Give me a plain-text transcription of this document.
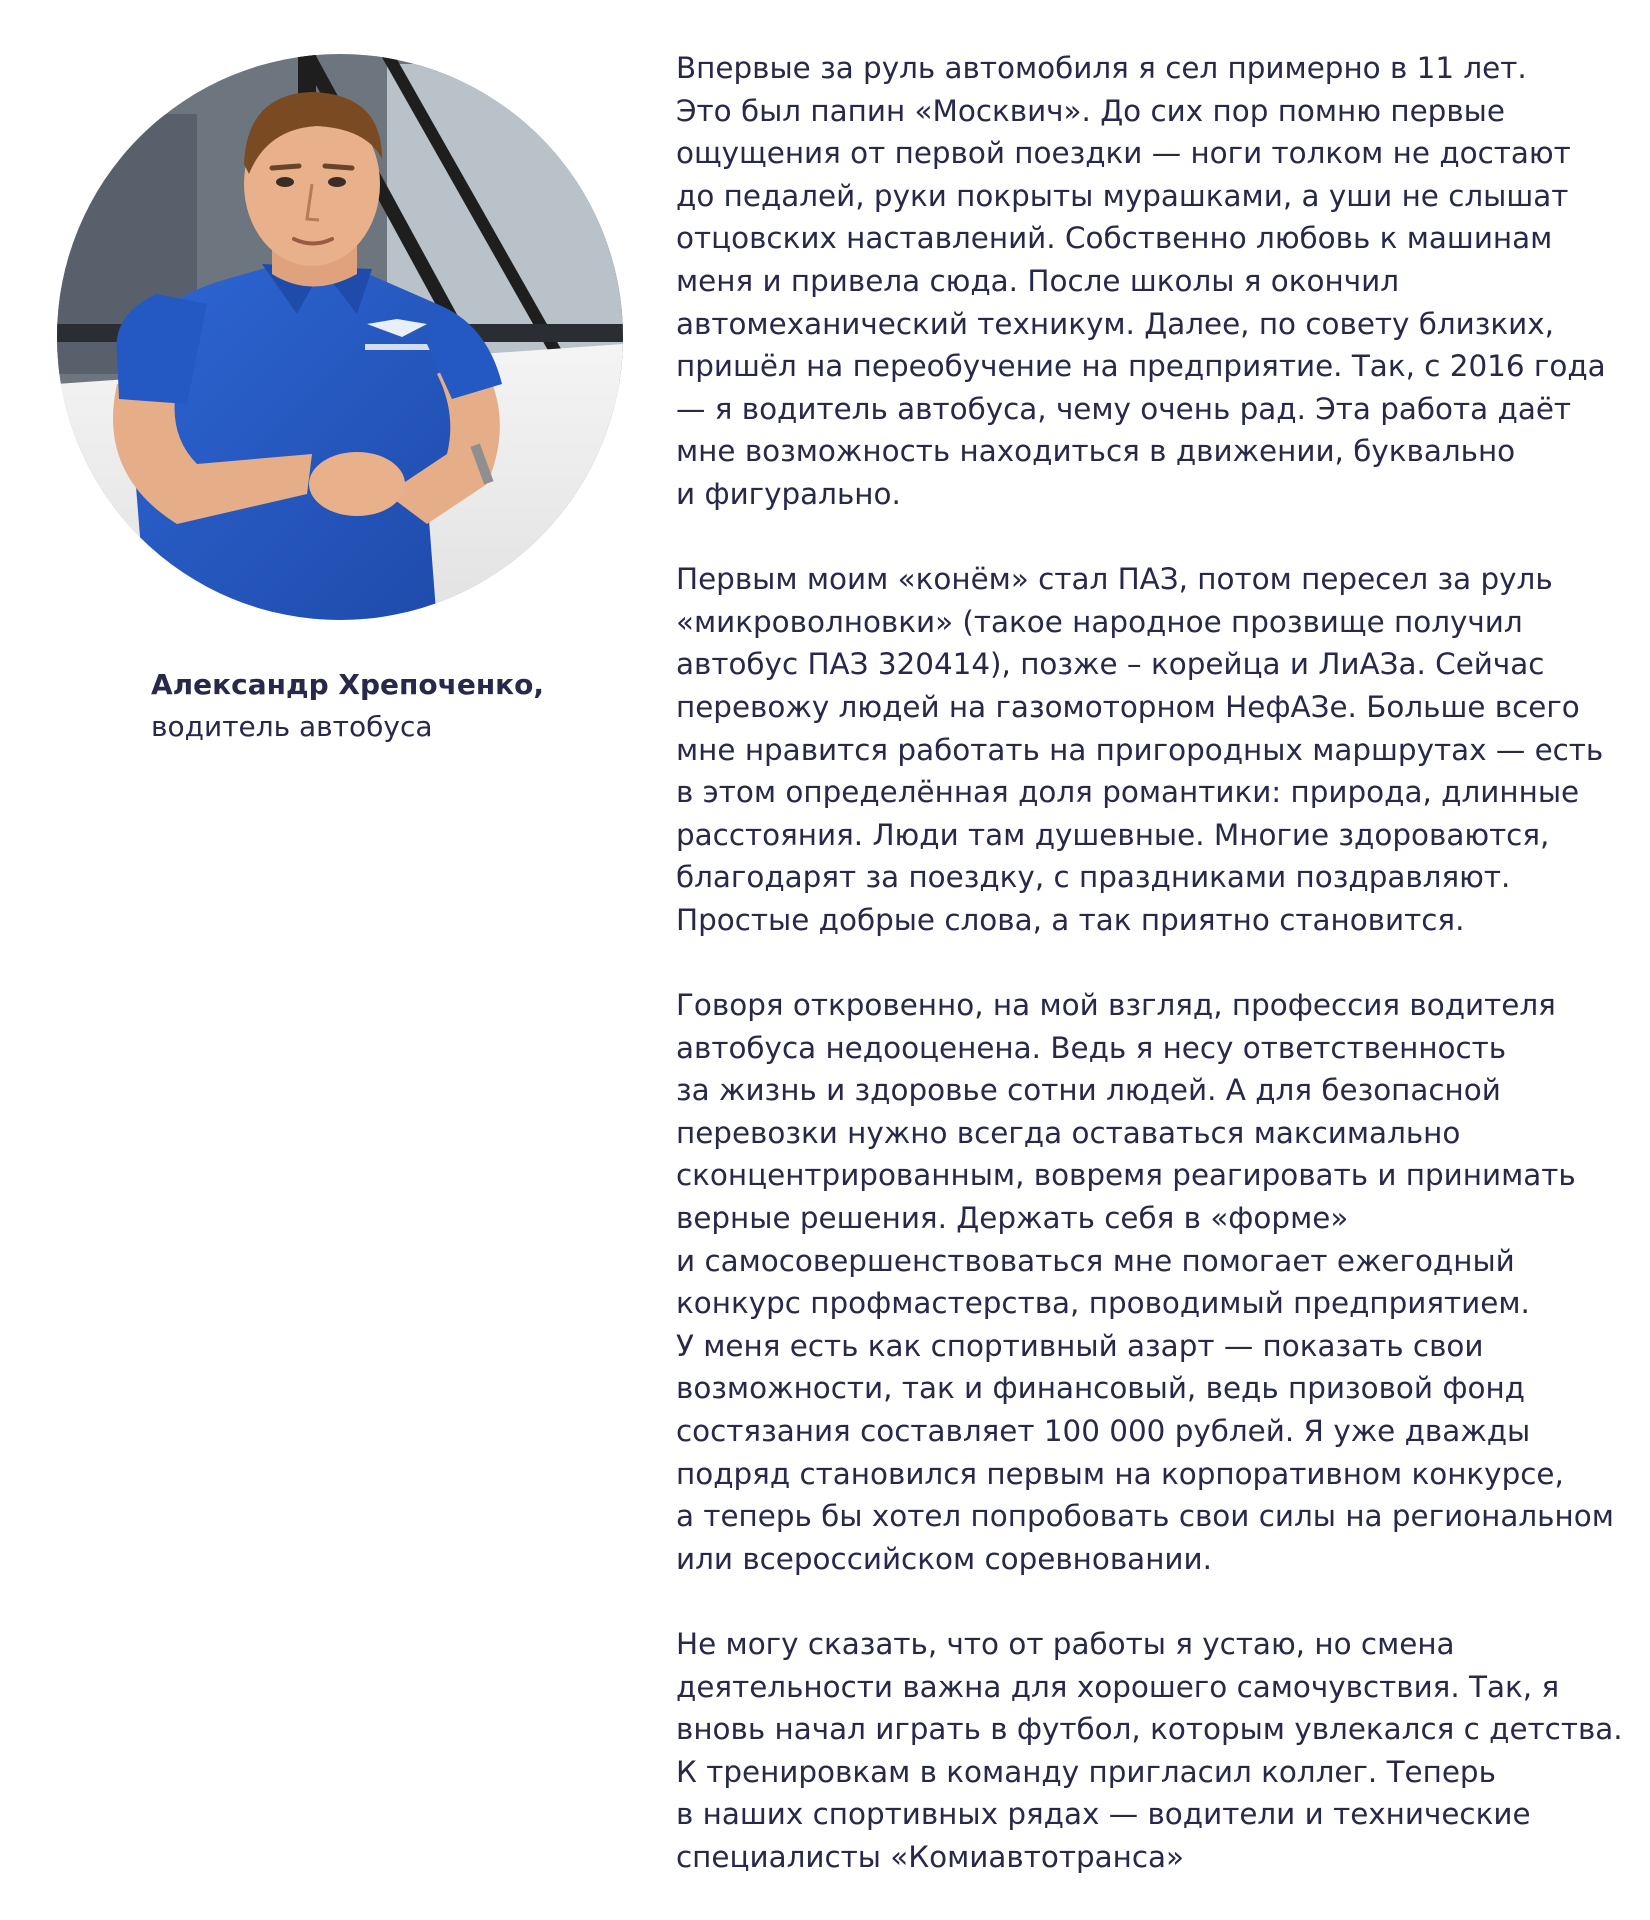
Александр Хрепоченко,
водитель автобуса
Впервые за руль автомобиля я сел примерно в 11 лет.
Это был папин «Москвич». До сих пор помню первые
ощущения от первой поездки — ноги толком не достают
до педалей, руки покрыты мурашками, а уши не слышат
отцовских наставлений. Собственно любовь к машинам
меня и привела сюда. После школы я окончил
автомеханический техникум. Далее, по совету близких,
пришёл на переобучение на предприятие. Так, с 2016 года
— я водитель автобуса, чему очень рад. Эта работа даёт
мне возможность находиться в движении, буквально
и фигурально.
Первым моим «конём» стал ПАЗ, потом пересел за руль
«микроволновки» (такое народное прозвище получил
автобус ПАЗ 320414), позже – корейца и ЛиАЗа. Сейчас
перевожу людей на газомоторном НефАЗе. Больше всего
мне нравится работать на пригородных маршрутах — есть
в этом определённая доля романтики: природа, длинные
расстояния. Люди там душевные. Многие здороваются,
благодарят за поездку, с праздниками поздравляют.
Простые добрые слова, а так приятно становится.
Говоря откровенно, на мой взгляд, профессия водителя
автобуса недооценена. Ведь я несу ответственность
за жизнь и здоровье сотни людей. А для безопасной
перевозки нужно всегда оставаться максимально
сконцентрированным, вовремя реагировать и принимать
верные решения. Держать себя в «форме»
и самосовершенствоваться мне помогает ежегодный
конкурс профмастерства, проводимый предприятием.
У меня есть как спортивный азарт — показать свои
возможности, так и финансовый, ведь призовой фонд
состязания составляет 100 000 рублей. Я уже дважды
подряд становился первым на корпоративном конкурсе,
а теперь бы хотел попробовать свои силы на региональном
или всероссийском соревновании.
Не могу сказать, что от работы я устаю, но смена
деятельности важна для хорошего самочувствия. Так, я
вновь начал играть в футбол, которым увлекался с детства.
К тренировкам в команду пригласил коллег. Теперь
в наших спортивных рядах — водители и технические
специалисты «Комиавтотранса»
